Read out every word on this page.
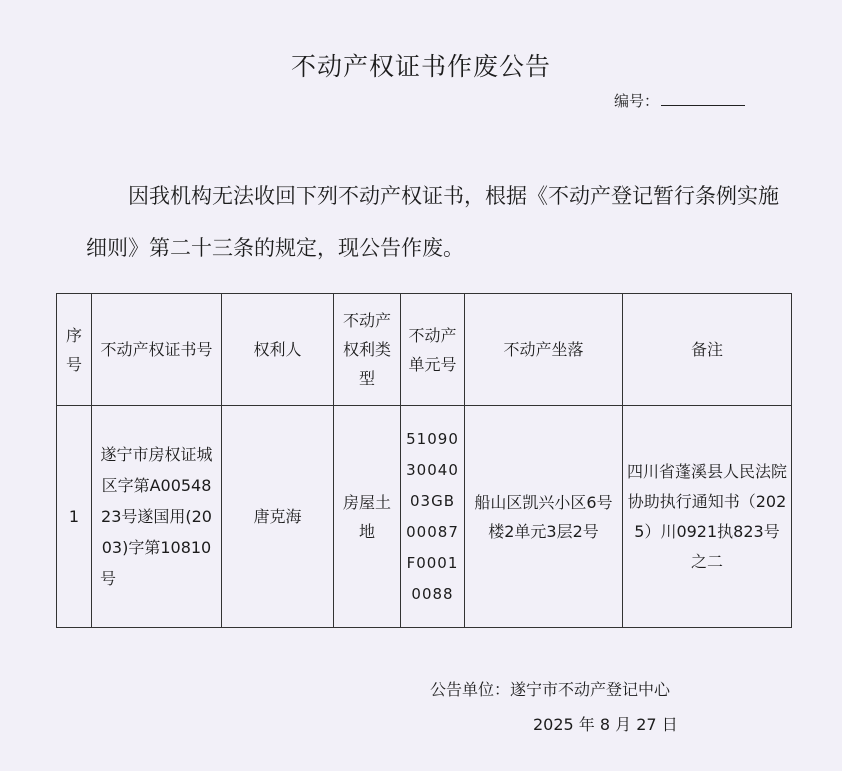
不动产权证书作废公告
编号：
因我机构无法收回下列不动产权证书，根据《不动产登记暂行条例实施细则》第二十三条的规定，现公告作废。
序号	不动产权证书号	权利人	不动产权利类型	不动产单元号	不动产坐落	备注
1	遂宁市房权证城区字第A0054823号遂国用(2003)字第10810号	唐克海	房屋土地	510903004003GB00087F00010088	船山区凯兴小区6号楼2单元3层2号	四川省蓬溪县人民法院协助执行通知书（2025）川0921执823号之二
公告单位：遂宁市不动产登记中心
2025 年 8 月 27 日
